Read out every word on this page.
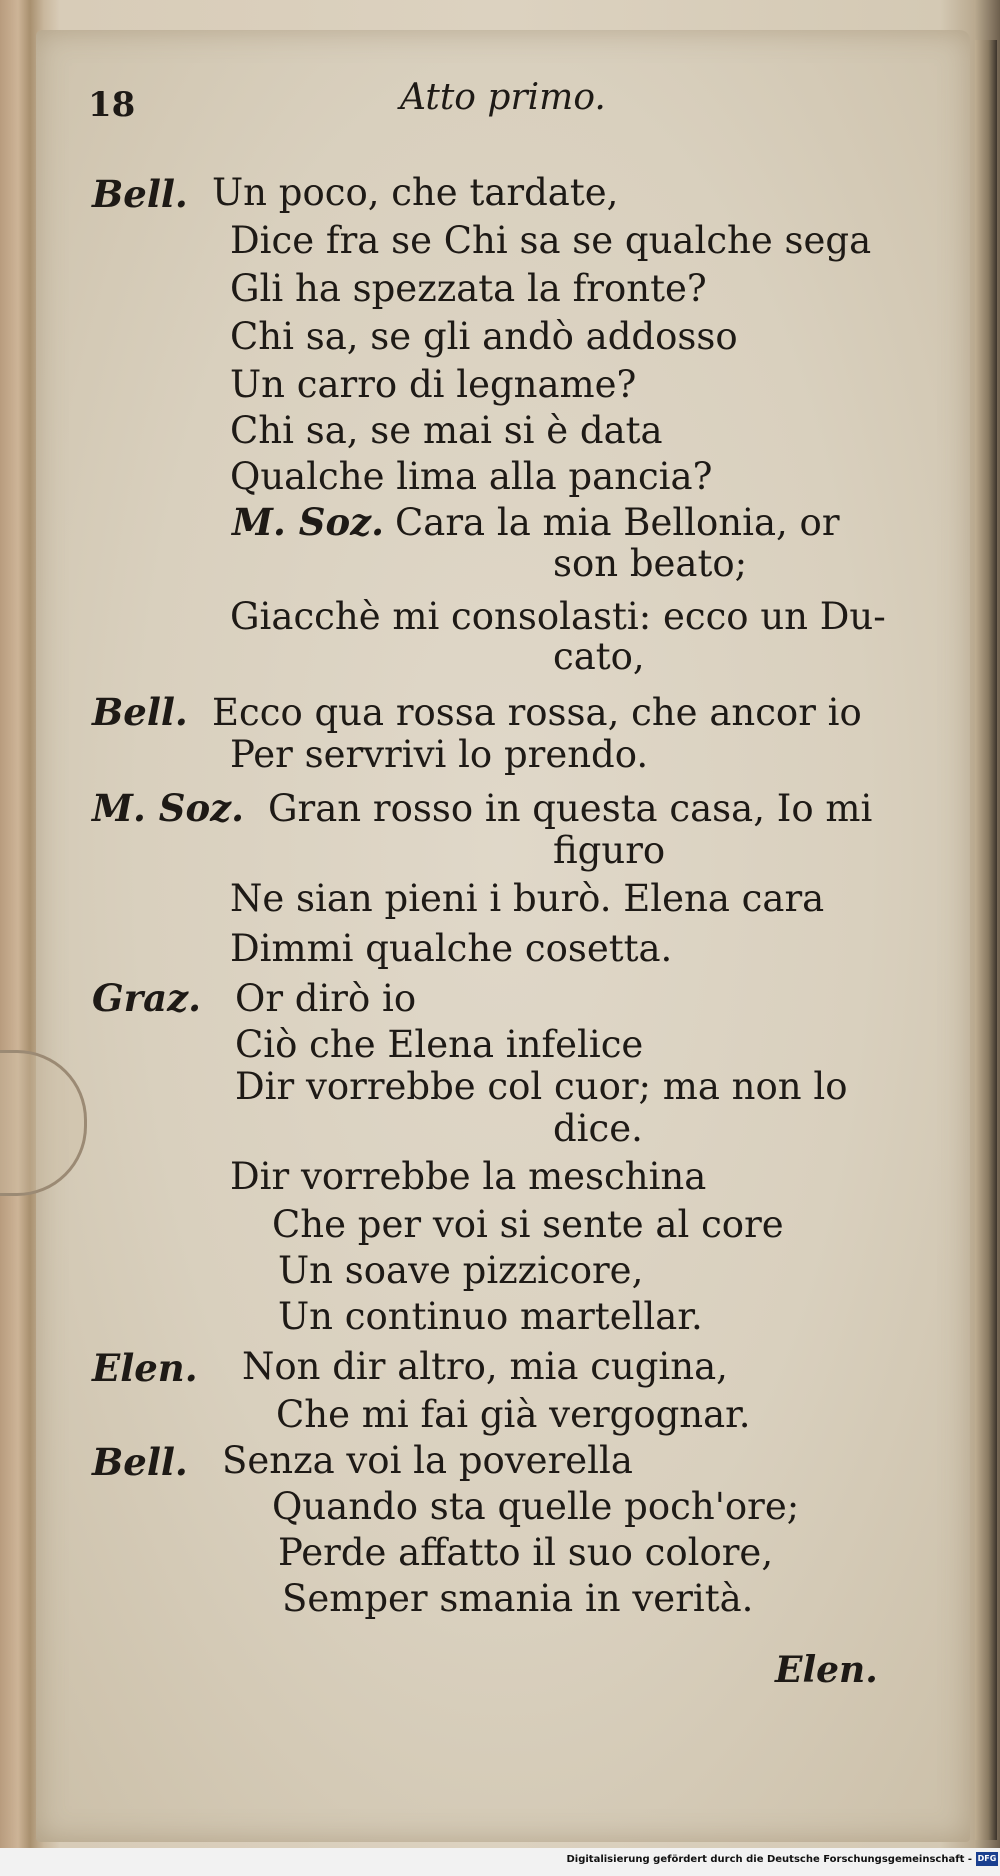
18	Atto primo.
Bell. Un poco, che tardate,
Dice fra se Chi sa se qualche sega
Gli ha spezzata la fronte?
Chi sa, se gli andò addosso
Un carro di legname?
Chi sa, se mai si è data
Qualche lima alla pancia?
M. Soz. Cara la mia Bellonia, or
son beato;
Giacchè mi consolasti: ecco un Du-
cato,
Bell. Ecco qua rossa rossa, che ancor io
Per servrivi lo prendo.
M. Soz. Gran rosso in questa casa, Io mi
figuro
Ne sian pieni i burò. Elena cara
Dimmi qualche cosetta.
Graz. Or dirò io
Ciò che Elena infelice
Dir vorrebbe col cuor; ma non lo
dice.
Dir vorrebbe la meschina
Che per voi si sente al core
Un soave pizzicore,
Un continuo martellar.
Elen. Non dir altro, mia cugina,
Che mi fai già vergognar.
Bell. Senza voi la poverella
Quando sta quelle poch'ore;
Perde affatto il suo colore,
Semper smania in verità.
Elen.
Digitalisierung gefördert durch die Deutsche Forschungsgemeinschaft - DFG
